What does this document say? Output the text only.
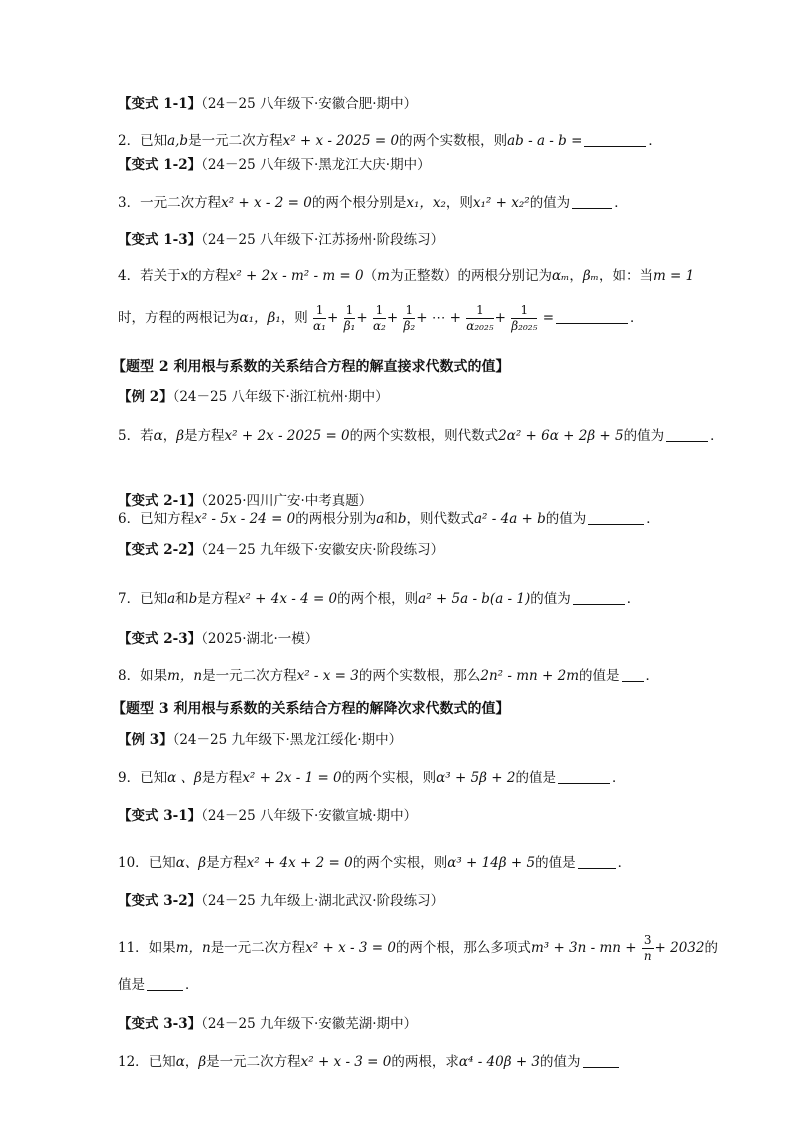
【变式 1-1】（24－25 八年级下·安徽合肥·期中）
【变式 1-2】（24－25 八年级下·黑龙江大庆·期中）
【变式 1-3】（24－25 八年级下·江苏扬州·阶段练习）
【变式 2-1】（2025·四川广安·中考真题）
【变式 2-2】（24－25 九年级下·安徽安庆·阶段练习）
【变式 2-3】（2025·湖北·一模）
【变式 3-1】（24－25 八年级下·安徽宣城·期中）
【变式 3-2】（24－25 九年级上·湖北武汉·阶段练习）
【变式 3-3】（24－25 九年级下·安徽芜湖·期中）
2．已知a,b是一元二次方程x² + x - 2025 = 0的两个实数根，则ab - a - b =	．
3．一元二次方程x² + x - 2 = 0的两个根分别是x₁，x₂，则x₁² + x₂²的值为	．
4．若关于x的方程x² + 2x - m² - m = 0（m为正整数）的两根分别记为αₘ，βₘ，如：当m = 1
时，方程的两根记为α₁，β₁，则 $\frac{1}{\text{α₁}} + \frac{1}{\text{β₁}} + \frac{1}{\text{α₂}} + \frac{1}{\text{β₂}}$ + ⋯ + $\frac{1}{\text{α₂₀₂₅}} + \frac{1}{\text{β₂₀₂₅}}$ =	．
【题型 2 利用根与系数的关系结合方程的解直接求代数式的值】
【例 2】（24－25 八年级下·浙江杭州·期中）
5．若α，β是方程x² + 2x - 2025 = 0的两个实数根，则代数式2α² + 6α + 2β + 5的值为	．
6．已知方程x² - 5x - 24 = 0的两根分别为a和b，则代数式a² - 4a + b的值为	．
7．已知a和b是方程x² + 4x - 4 = 0的两个根，则a² + 5a - b(a - 1)的值为	．
8．如果m，n是一元二次方程x² - x = 3的两个实数根，那么2n² - mn + 2m的值是 ．
【题型 3 利用根与系数的关系结合方程的解降次求代数式的值】
【例 3】（24－25 九年级下·黑龙江绥化·期中）
9．已知α 、β是方程x² + 2x - 1 = 0的两个实根，则α³ + 5β + 2的值是	．
10．已知α、β是方程x² + 4x + 2 = 0的两个实根，则α³ + 14β + 5的值是	．
11．如果m，n是一元二次方程x² + x - 3 = 0的两个根，那么多项式m³ + 3n - mn + $\frac{3}{n} + 2032$的
值是	．
12．已知α，β是一元二次方程x² + x - 3 = 0的两根，求α⁴ - 40β + 3的值为
